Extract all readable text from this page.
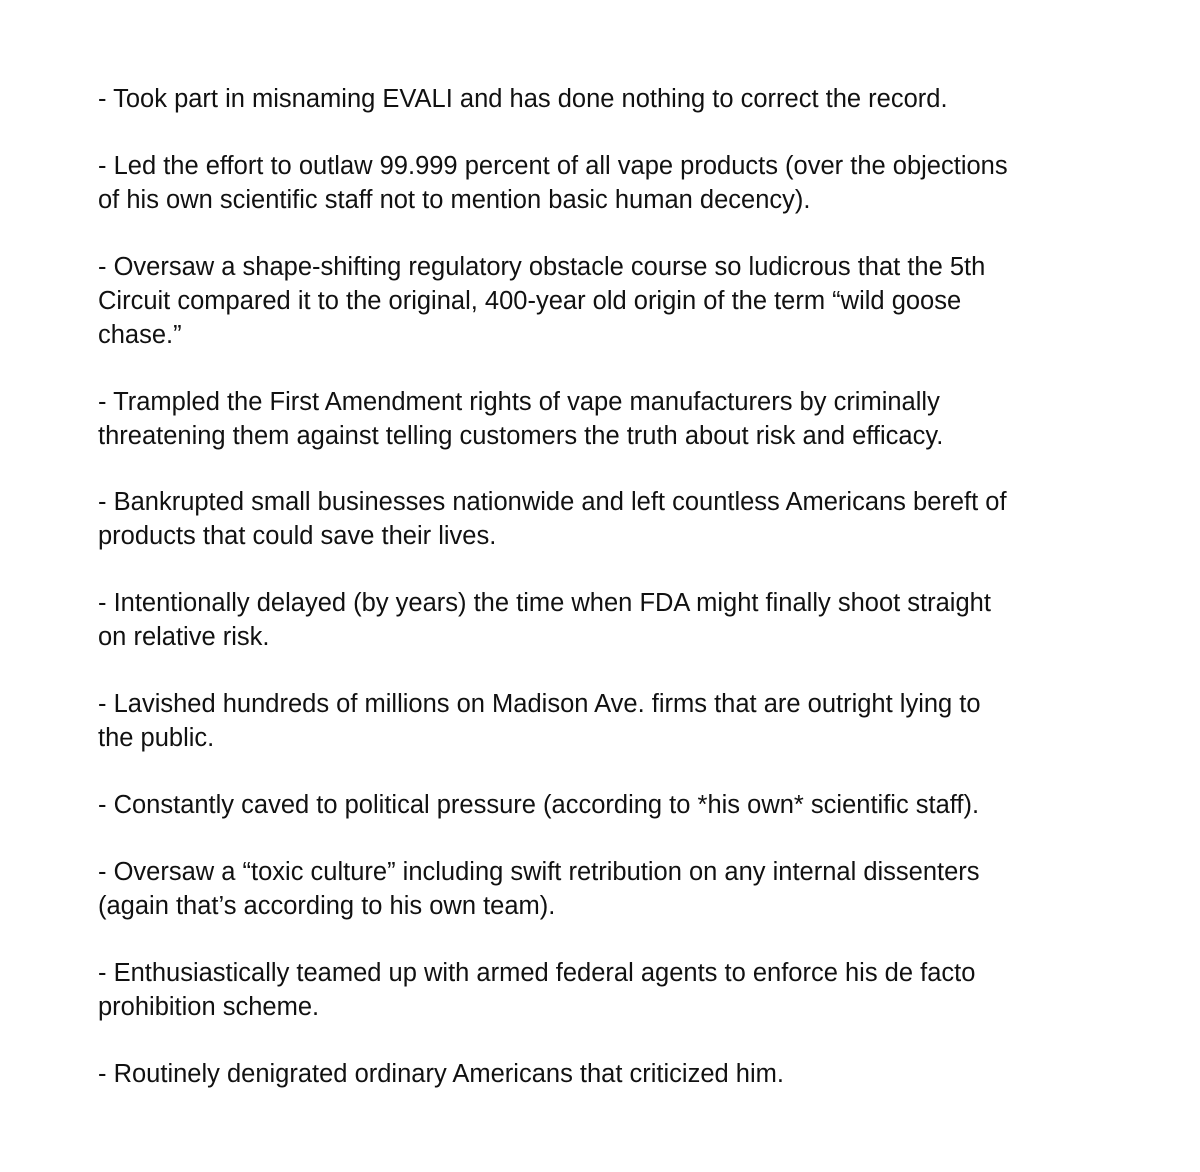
- Took part in misnaming EVALI and has done nothing to correct the record.

- Led the effort to outlaw 99.999 percent of all vape products (over the objections
of his own scientific staff not to mention basic human decency).

- Oversaw a shape-shifting regulatory obstacle course so ludicrous that the 5th
Circuit compared it to the original, 400-year old origin of the term “wild goose
chase.”

- Trampled the First Amendment rights of vape manufacturers by criminally
threatening them against telling customers the truth about risk and efficacy.

- Bankrupted small businesses nationwide and left countless Americans bereft of
products that could save their lives.

- Intentionally delayed (by years) the time when FDA might finally shoot straight
on relative risk.

- Lavished hundreds of millions on Madison Ave. firms that are outright lying to
the public.

- Constantly caved to political pressure (according to *his own* scientific staff).

- Oversaw a “toxic culture” including swift retribution on any internal dissenters
(again that’s according to his own team).

- Enthusiastically teamed up with armed federal agents to enforce his de facto
prohibition scheme.

- Routinely denigrated ordinary Americans that criticized him.
